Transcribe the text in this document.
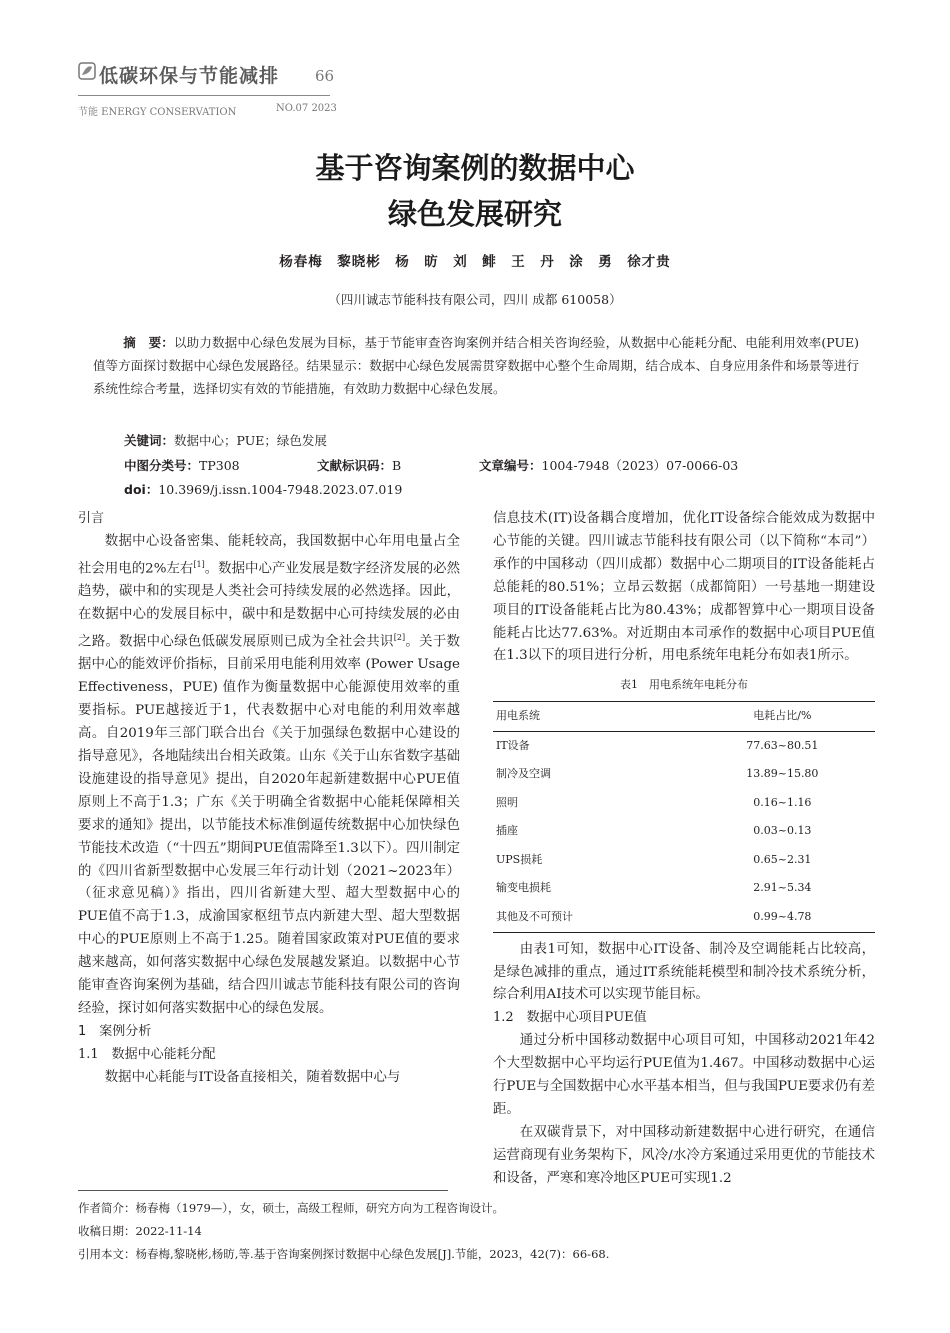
低碳环保与节能减排 66
节能 ENERGY CONSERVATION	NO.07 2023
基于咨询案例的数据中心
绿色发展研究
杨春梅　黎晓彬　杨　昉　刘　鲱　王　丹　涂　勇　徐才贵
（四川诚志节能科技有限公司，四川 成都 610058）
摘　要：以助力数据中心绿色发展为目标，基于节能审查咨询案例并结合相关咨询经验，从数据中心能耗分配、电能利用效率(PUE)值等方面探讨数据中心绿色发展路径。结果显示：数据中心绿色发展需贯穿数据中心整个生命周期，结合成本、自身应用条件和场景等进行系统性综合考量，选择切实有效的节能措施，有效助力数据中心绿色发展。
关键词：数据中心；PUE；绿色发展
中图分类号：TP308	文献标识码：B	文章编号：1004-7948（2023）07-0066-03
doi：10.3969/j.issn.1004-7948.2023.07.019
引言

数据中心设备密集、能耗较高，我国数据中心年用电量占全社会用电的2%左右[1]。数据中心产业发展是数字经济发展的必然趋势，碳中和的实现是人类社会可持续发展的必然选择。因此，在数据中心的发展目标中，碳中和是数据中心可持续发展的必由之路。数据中心绿色低碳发展原则已成为全社会共识[2]。关于数据中心的能效评价指标，目前采用电能利用效率 (Power Usage Effectiveness，PUE) 值作为衡量数据中心能源使用效率的重要指标。PUE越接近于1，代表数据中心对电能的利用效率越高。自2019年三部门联合出台《关于加强绿色数据中心建设的指导意见》，各地陆续出台相关政策。山东《关于山东省数字基础设施建设的指导意见》提出，自2020年起新建数据中心PUE值原则上不高于1.3；广东《关于明确全省数据中心能耗保障相关要求的通知》提出，以节能技术标准倒逼传统数据中心加快绿色节能技术改造（“十四五”期间PUE值需降至1.3以下）。四川制定的《四川省新型数据中心发展三年行动计划（2021~2023年）（征求意见稿）》指出，四川省新建大型、超大型数据中心的PUE值不高于1.3，成渝国家枢纽节点内新建大型、超大型数据中心的PUE原则上不高于1.25。随着国家政策对PUE值的要求越来越高，如何落实数据中心绿色发展越发紧迫。以数据中心节能审查咨询案例为基础，结合四川诚志节能科技有限公司的咨询经验，探讨如何落实数据中心的绿色发展。

1　案例分析
1.1　数据中心能耗分配

数据中心耗能与IT设备直接相关，随着数据中心与

信息技术(IT)设备耦合度增加，优化IT设备综合能效成为数据中心节能的关键。四川诚志节能科技有限公司（以下简称“本司”）承作的中国移动（四川成都）数据中心二期项目的IT设备能耗占总能耗的80.51%；立昂云数据（成都简阳）一号基地一期建设项目的IT设备能耗占比为80.43%；成都智算中心一期项目设备能耗占比达77.63%。对近期由本司承作的数据中心项目PUE值在1.3以下的项目进行分析，用电系统年电耗分布如表1所示。

表1　用电系统年电耗分布
用电系统	电耗占比/%
IT设备	77.63~80.51
制冷及空调	13.89~15.80
照明	0.16~1.16
插座	0.03~0.13
UPS损耗	0.65~2.31
输变电损耗	2.91~5.34
其他及不可预计	0.99~4.78

由表1可知，数据中心IT设备、制冷及空调能耗占比较高，是绿色减排的重点，通过IT系统能耗模型和制冷技术系统分析，综合利用AI技术可以实现节能目标。

1.2　数据中心项目PUE值

通过分析中国移动数据中心项目可知，中国移动2021年42个大型数据中心平均运行PUE值为1.467。中国移动数据中心运行PUE与全国数据中心水平基本相当，但与我国PUE要求仍有差距。

在双碳背景下，对中国移动新建数据中心进行研究，在通信运营商现有业务架构下，风冷/水冷方案通过采用更优的节能技术和设备，严寒和寒冷地区PUE可实现1.2

作者简介：杨春梅（1979—），女，硕士，高级工程师，研究方向为工程咨询设计。
收稿日期：2022-11-14
引用本文：杨春梅,黎晓彬,杨昉,等.基于咨询案例探讨数据中心绿色发展[J].节能，2023，42(7)：66-68.
